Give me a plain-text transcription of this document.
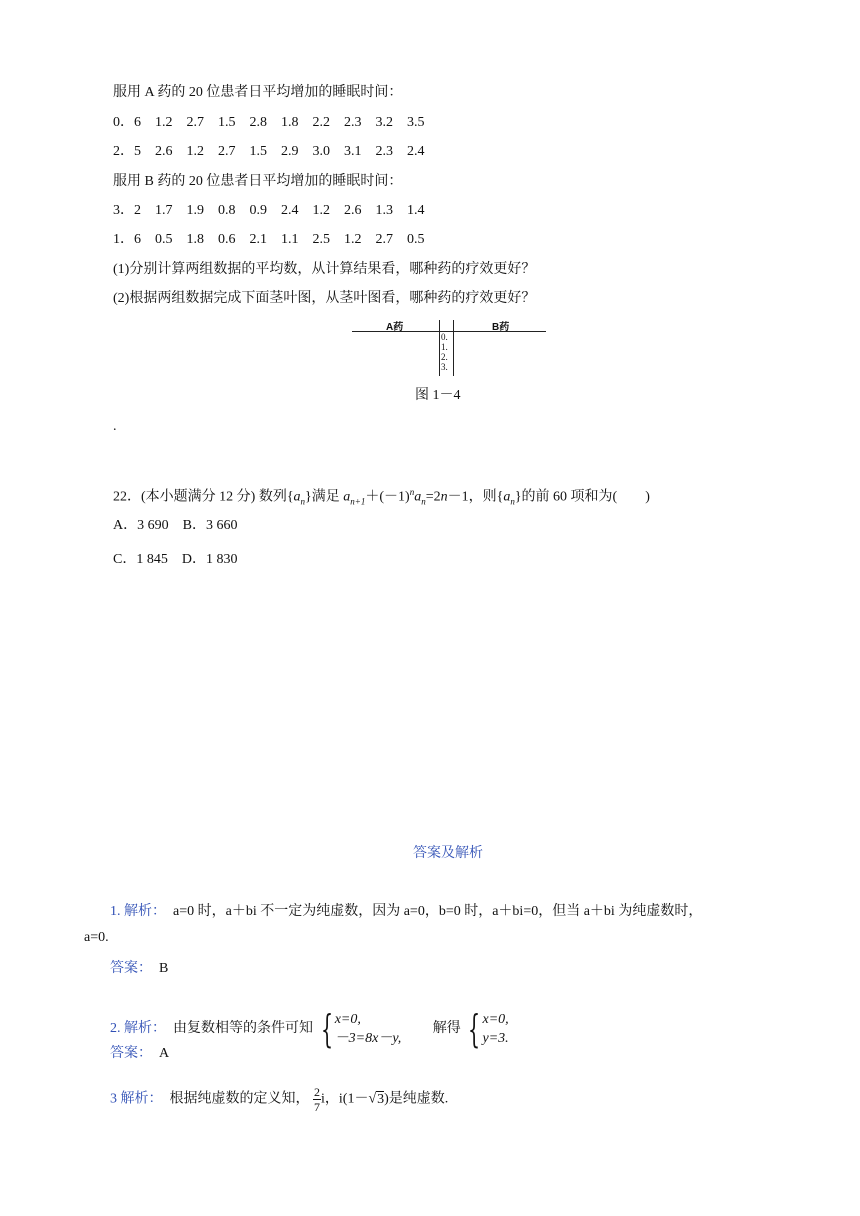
服用 A 药的 20 位患者日平均增加的睡眠时间：
0．6　1.2　2.7　1.5　2.8　1.8　2.2　2.3　3.2　3.5
2．5　2.6　1.2　2.7　1.5　2.9　3.0　3.1　2.3　2.4
服用 B 药的 20 位患者日平均增加的睡眠时间：
3．2　1.7　1.9　0.8　0.9　2.4　1.2　2.6　1.3　1.4
1．6　0.5　1.8　0.6　2.1　1.1　2.5　1.2　2.7　0.5
(1)分别计算两组数据的平均数，从计算结果看，哪种药的疗效更好？
(2)根据两组数据完成下面茎叶图，从茎叶图看，哪种药的疗效更好？
A药	B药
0.
1.
2.
3.
图 1－4
.
22．(本小题满分 12 分) 数列$\{a_n\}$满足 $a_{n+1}+(-1)^na_n=2n-1$，则$\{a_n\}$的前 60 项和为(　　)
A．3 690　B．3 660
C．1 845　D．1 830
答案及解析
1. 解析：　a=0 时，a＋bi 不一定为纯虚数，因为 a=0，b=0 时，a＋bi=0，但当 a＋bi 为纯虚数时，
a=0.
答案：　 B
2. 解析：　 由复数相等的条件可知 { x=0,
－3=8x－y, 　　解得 { x=0,
y=3.
答案：　 A
3 解析：　 根据纯虚数的定义知， $\frac{2}{7}$ i，i(1－√3)是纯虚数.
